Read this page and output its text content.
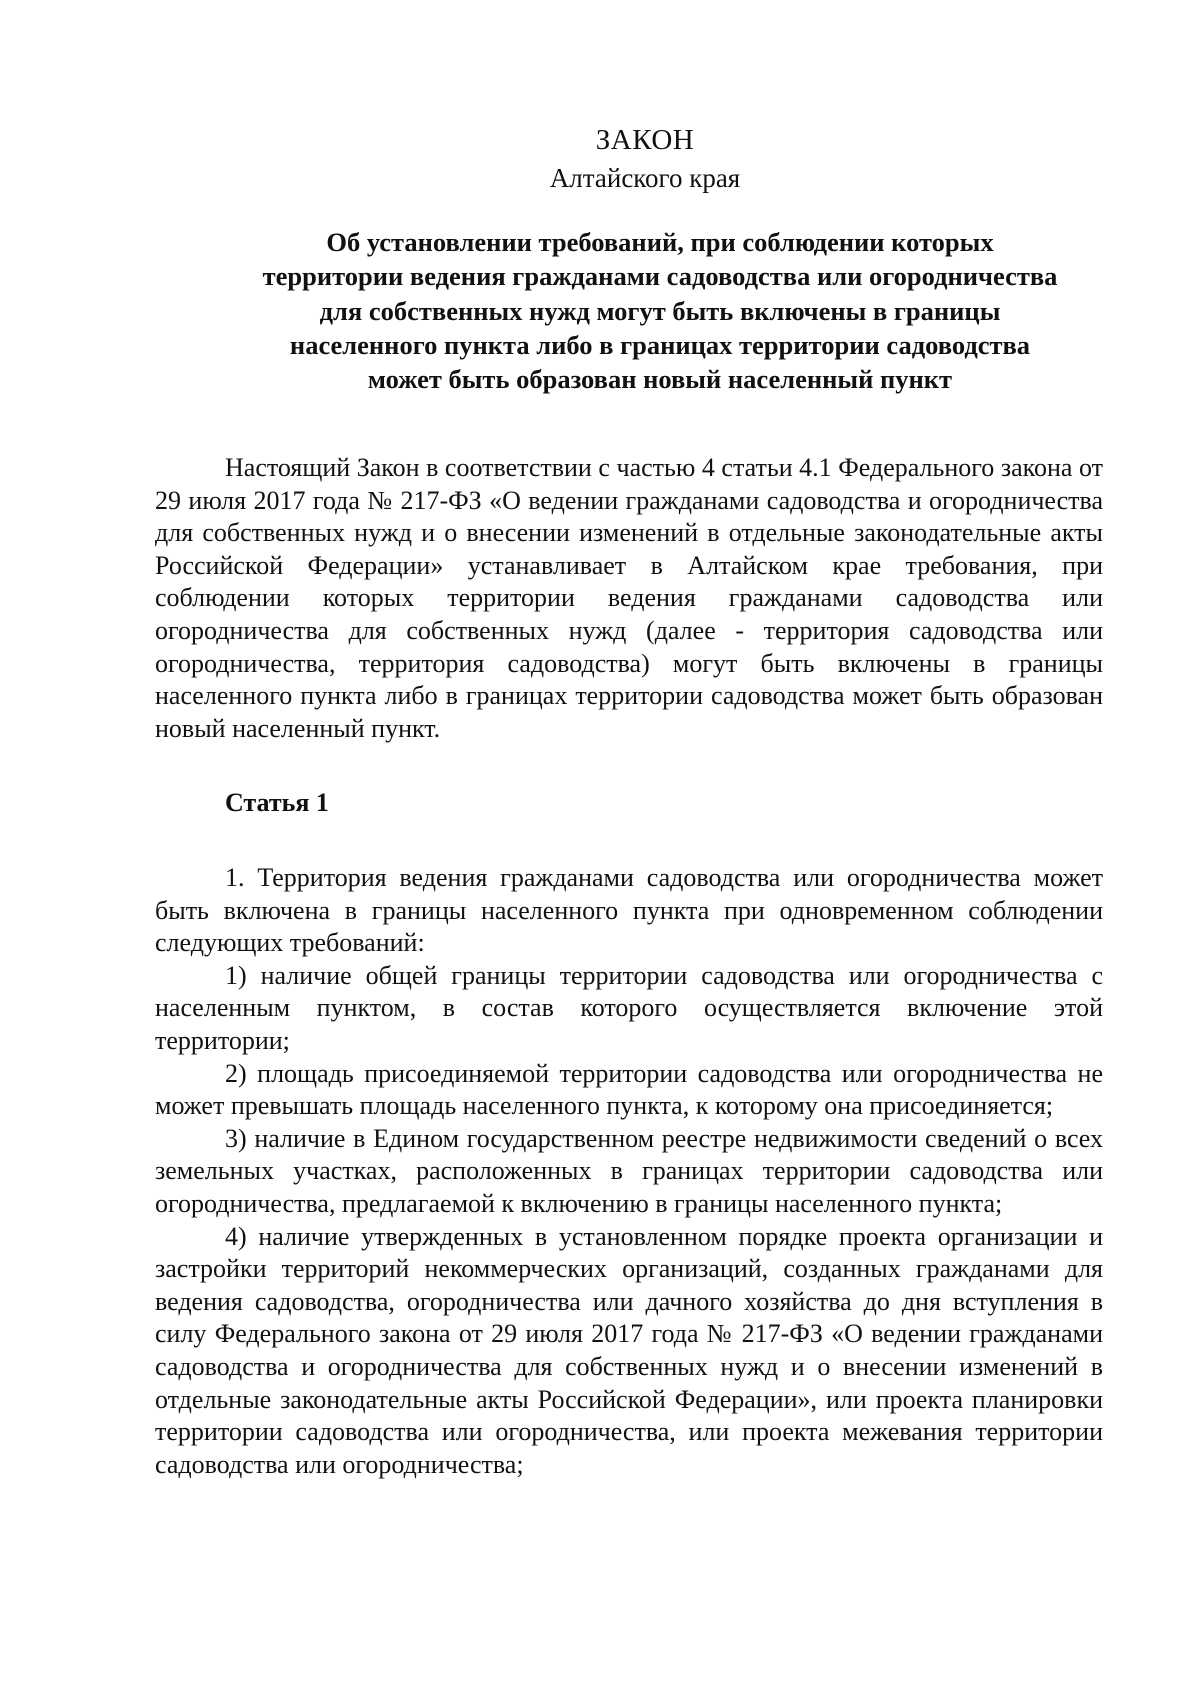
ЗАКОН
Алтайского края
Об установлении требований, при соблюдении которых
территории ведения гражданами садоводства или огородничества
для собственных нужд могут быть включены в границы
населенного пункта либо в границах территории садоводства
может быть образован новый населенный пункт

Настоящий Закон в соответствии с частью 4 статьи 4.1 Федерального закона от 29 июля 2017 года № 217-ФЗ «О ведении гражданами садоводства и огородничества для собственных нужд и о внесении изменений в отдельные законодательные акты Российской Федерации» устанавливает в Алтайском крае требования, при соблюдении которых территории ведения гражданами садоводства или огородничества для собственных нужд (далее - территория садоводства или огородничества, территория садоводства) могут быть включены в границы населенного пункта либо в границах территории садоводства может быть образован новый населенный пункт.

Статья 1

1. Территория ведения гражданами садоводства или огородничества может быть включена в границы населенного пункта при одновременном соблюдении следующих требований:

1) наличие общей границы территории садоводства или огородничества с населенным пунктом, в состав которого осуществляется включение этой территории;

2) площадь присоединяемой территории садоводства или огородничества не может превышать площадь населенного пункта, к которому она присоединяется;

3) наличие в Едином государственном реестре недвижимости сведений о всех земельных участках, расположенных в границах территории садоводства или огородничества, предлагаемой к включению в границы населенного пункта;

4) наличие утвержденных в установленном порядке проекта организации и застройки территорий некоммерческих организаций, созданных гражданами для ведения садоводства, огородничества или дачного хозяйства до дня вступления в силу Федерального закона от 29 июля 2017 года № 217-ФЗ «О ведении гражданами садоводства и огородничества для собственных нужд и о внесении изменений в отдельные законодательные акты Российской Федерации», или проекта планировки территории садоводства или огородничества, или проекта межевания территории садоводства или огородничества;
